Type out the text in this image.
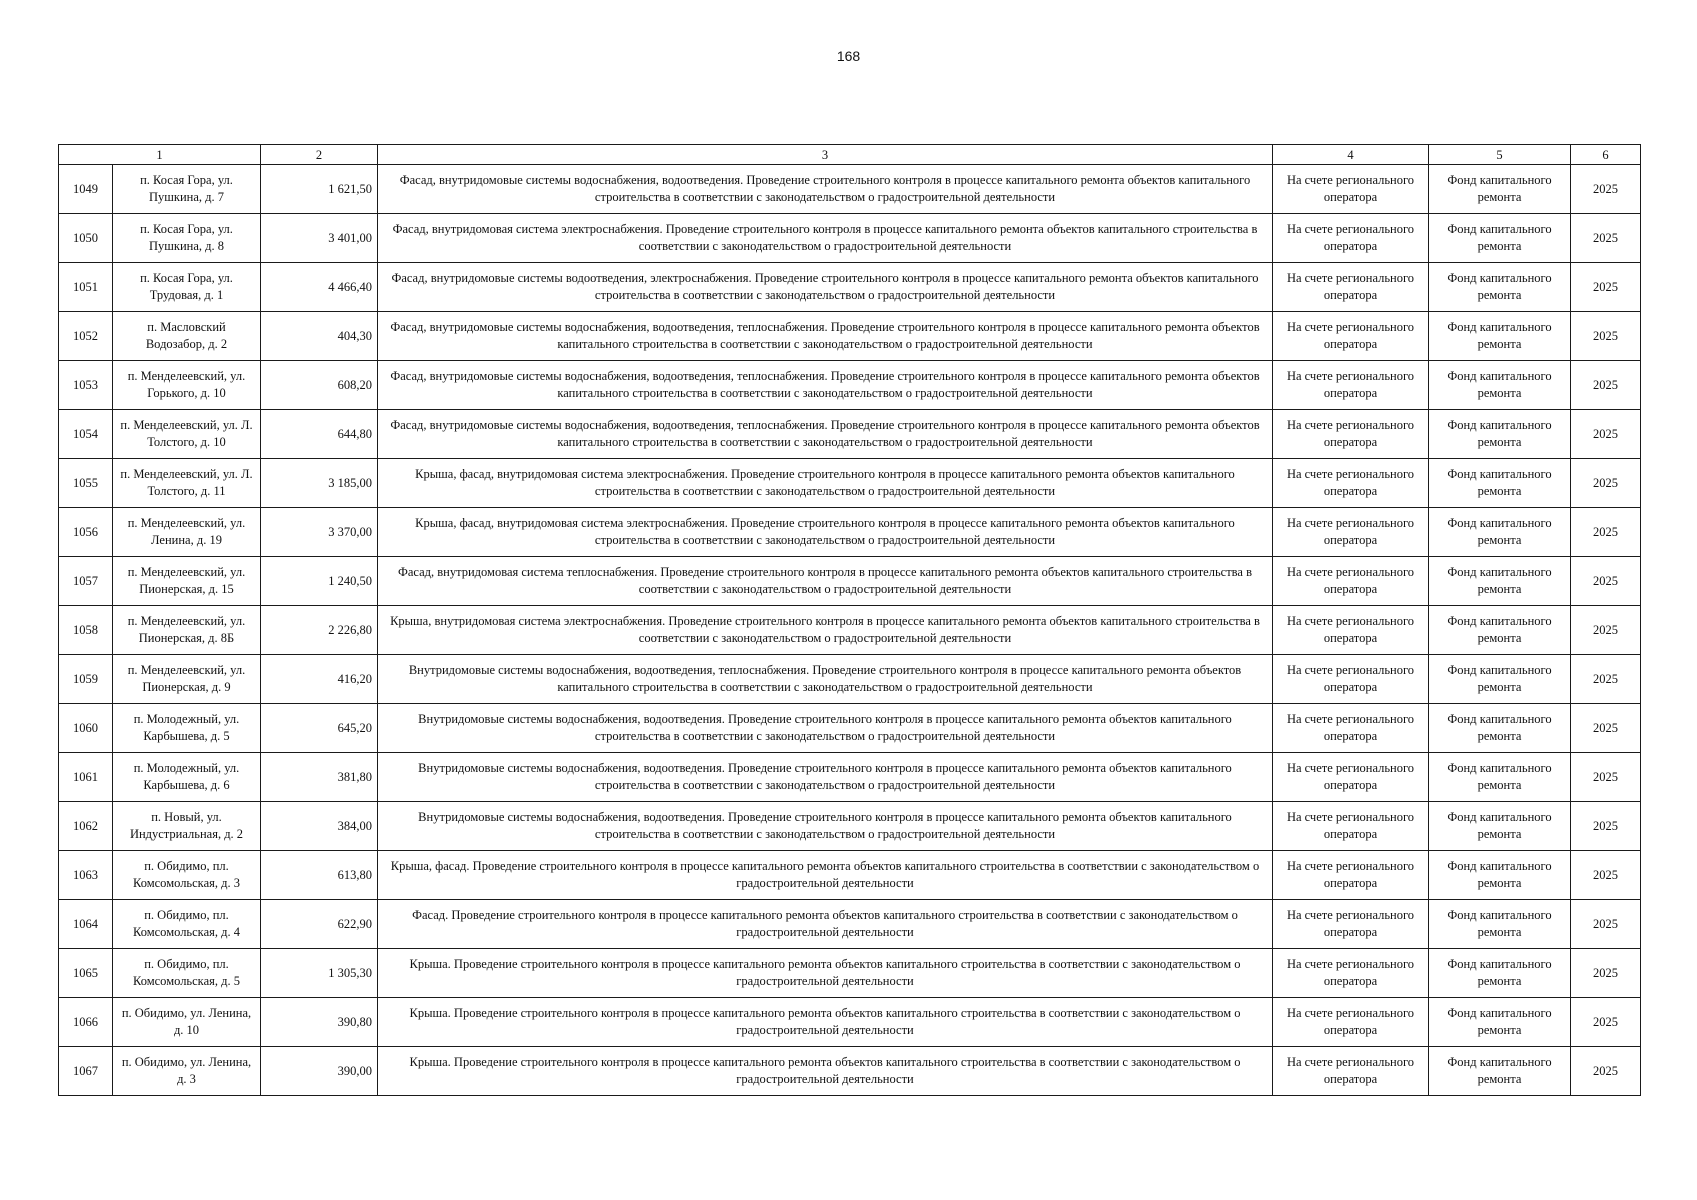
168
1		2	3	4	5	6
1049	п. Косая Гора, ул. Пушкина, д. 7	1 621,50	Фасад, внутридомовые системы водоснабжения, водоотведения. Проведение строительного контроля в процессе капитального ремонта объектов капитального строительства в соответствии с законодательством о градостроительной деятельности	На счете регионального оператора	Фонд капитального ремонта	2025
1050	п. Косая Гора, ул. Пушкина, д. 8	3 401,00	Фасад, внутридомовая система электроснабжения. Проведение строительного контроля в процессе капитального ремонта объектов капитального строительства в соответствии с законодательством о градостроительной деятельности	На счете регионального оператора	Фонд капитального ремонта	2025
1051	п. Косая Гора, ул. Трудовая, д. 1	4 466,40	Фасад, внутридомовые системы водоотведения, электроснабжения. Проведение строительного контроля в процессе капитального ремонта объектов капитального строительства в соответствии с законодательством о градостроительной деятельности	На счете регионального оператора	Фонд капитального ремонта	2025
1052	п. Масловский Водозабор, д. 2	404,30	Фасад, внутридомовые системы водоснабжения, водоотведения, теплоснабжения. Проведение строительного контроля в процессе капитального ремонта объектов капитального строительства в соответствии с законодательством о градостроительной деятельности	На счете регионального оператора	Фонд капитального ремонта	2025
1053	п. Менделеевский, ул. Горького, д. 10	608,20	Фасад, внутридомовые системы водоснабжения, водоотведения, теплоснабжения. Проведение строительного контроля в процессе капитального ремонта объектов капитального строительства в соответствии с законодательством о градостроительной деятельности	На счете регионального оператора	Фонд капитального ремонта	2025
1054	п. Менделеевский, ул. Л. Толстого, д. 10	644,80	Фасад, внутридомовые системы водоснабжения, водоотведения, теплоснабжения. Проведение строительного контроля в процессе капитального ремонта объектов капитального строительства в соответствии с законодательством о градостроительной деятельности	На счете регионального оператора	Фонд капитального ремонта	2025
1055	п. Менделеевский, ул. Л. Толстого, д. 11	3 185,00	Крыша, фасад, внутридомовая система электроснабжения. Проведение строительного контроля в процессе капитального ремонта объектов капитального строительства в соответствии с законодательством о градостроительной деятельности	На счете регионального оператора	Фонд капитального ремонта	2025
1056	п. Менделеевский, ул. Ленина, д. 19	3 370,00	Крыша, фасад, внутридомовая система электроснабжения. Проведение строительного контроля в процессе капитального ремонта объектов капитального строительства в соответствии с законодательством о градостроительной деятельности	На счете регионального оператора	Фонд капитального ремонта	2025
1057	п. Менделеевский, ул. Пионерская, д. 15	1 240,50	Фасад, внутридомовая система теплоснабжения. Проведение строительного контроля в процессе капитального ремонта объектов капитального строительства в соответствии с законодательством о градостроительной деятельности	На счете регионального оператора	Фонд капитального ремонта	2025
1058	п. Менделеевский, ул. Пионерская, д. 8Б	2 226,80	Крыша, внутридомовая система электроснабжения. Проведение строительного контроля в процессе капитального ремонта объектов капитального строительства в соответствии с законодательством о градостроительной деятельности	На счете регионального оператора	Фонд капитального ремонта	2025
1059	п. Менделеевский, ул. Пионерская, д. 9	416,20	Внутридомовые системы водоснабжения, водоотведения, теплоснабжения. Проведение строительного контроля в процессе капитального ремонта объектов капитального строительства в соответствии с законодательством о градостроительной деятельности	На счете регионального оператора	Фонд капитального ремонта	2025
1060	п. Молодежный, ул. Карбышева, д. 5	645,20	Внутридомовые системы водоснабжения, водоотведения. Проведение строительного контроля в процессе капитального ремонта объектов капитального строительства в соответствии с законодательством о градостроительной деятельности	На счете регионального оператора	Фонд капитального ремонта	2025
1061	п. Молодежный, ул. Карбышева, д. 6	381,80	Внутридомовые системы водоснабжения, водоотведения. Проведение строительного контроля в процессе капитального ремонта объектов капитального строительства в соответствии с законодательством о градостроительной деятельности	На счете регионального оператора	Фонд капитального ремонта	2025
1062	п. Новый, ул. Индустриальная, д. 2	384,00	Внутридомовые системы водоснабжения, водоотведения. Проведение строительного контроля в процессе капитального ремонта объектов капитального строительства в соответствии с законодательством о градостроительной деятельности	На счете регионального оператора	Фонд капитального ремонта	2025
1063	п. Обидимо, пл. Комсомольская, д. 3	613,80	Крыша, фасад. Проведение строительного контроля в процессе капитального ремонта объектов капитального строительства в соответствии с законодательством о градостроительной деятельности	На счете регионального оператора	Фонд капитального ремонта	2025
1064	п. Обидимо, пл. Комсомольская, д. 4	622,90	Фасад. Проведение строительного контроля в процессе капитального ремонта объектов капитального строительства в соответствии с законодательством о градостроительной деятельности	На счете регионального оператора	Фонд капитального ремонта	2025
1065	п. Обидимо, пл. Комсомольская, д. 5	1 305,30	Крыша. Проведение строительного контроля в процессе капитального ремонта объектов капитального строительства в соответствии с законодательством о градостроительной деятельности	На счете регионального оператора	Фонд капитального ремонта	2025
1066	п. Обидимо, ул. Ленина, д. 10	390,80	Крыша. Проведение строительного контроля в процессе капитального ремонта объектов капитального строительства в соответствии с законодательством о градостроительной деятельности	На счете регионального оператора	Фонд капитального ремонта	2025
1067	п. Обидимо, ул. Ленина, д. 3	390,00	Крыша. Проведение строительного контроля в процессе капитального ремонта объектов капитального строительства в соответствии с законодательством о градостроительной деятельности	На счете регионального оператора	Фонд капитального ремонта	2025
